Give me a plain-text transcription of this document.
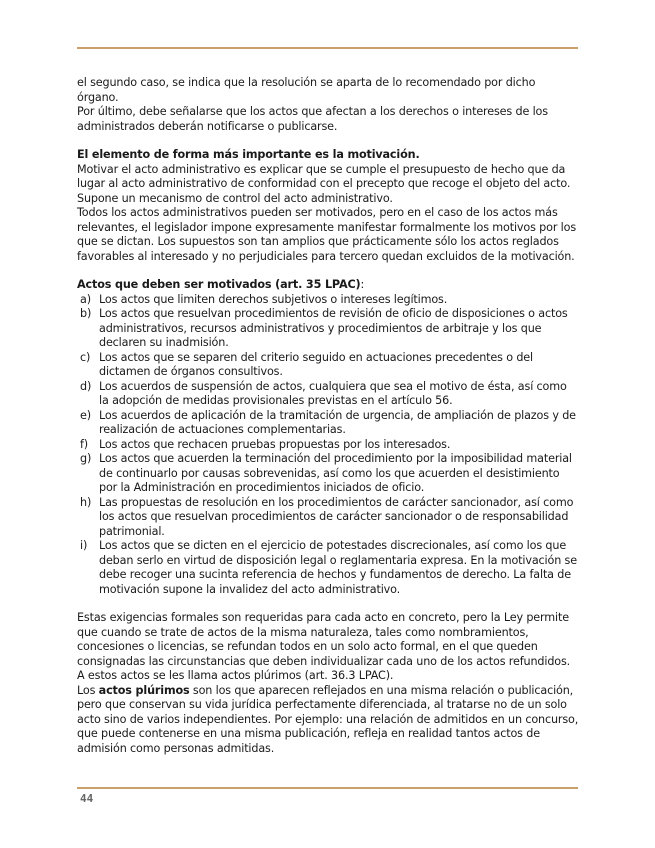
el segundo caso, se indica que la resolución se aparta de lo recomendado por dicho órgano.

Por último, debe señalarse que los actos que afectan a los derechos o intereses de los administrados deberán notificarse o publicarse.

El elemento de forma más importante es la motivación.

Motivar el acto administrativo es explicar que se cumple el presupuesto de hecho que da lugar al acto administrativo de conformidad con el precepto que recoge el objeto del acto. Supone un mecanismo de control del acto administrativo.

Todos los actos administrativos pueden ser motivados, pero en el caso de los actos más relevantes, el legislador impone expresamente manifestar formalmente los motivos por los que se dictan. Los supuestos son tan amplios que prácticamente sólo los actos reglados favorables al interesado y no perjudiciales para tercero quedan excluidos de la motivación.

Actos que deben ser motivados (art. 35 LPAC):

a) Los actos que limiten derechos subjetivos o intereses legítimos.
b) Los actos que resuelvan procedimientos de revisión de oficio de disposiciones o actos administrativos, recursos administrativos y procedimientos de arbitraje y los que declaren su inadmisión.
c) Los actos que se separen del criterio seguido en actuaciones precedentes o del dictamen de órganos consultivos.
d) Los acuerdos de suspensión de actos, cualquiera que sea el motivo de ésta, así como la adopción de medidas provisionales previstas en el artículo 56.
e) Los acuerdos de aplicación de la tramitación de urgencia, de ampliación de plazos y de realización de actuaciones complementarias.
f) Los actos que rechacen pruebas propuestas por los interesados.
g) Los actos que acuerden la terminación del procedimiento por la imposibilidad material de continuarlo por causas sobrevenidas, así como los que acuerden el desistimiento por la Administración en procedimientos iniciados de oficio.
h) Las propuestas de resolución en los procedimientos de carácter sancionador, así como los actos que resuelvan procedimientos de carácter sancionador o de responsabilidad patrimonial.
i) Los actos que se dicten en el ejercicio de potestades discrecionales, así como los que deban serlo en virtud de disposición legal o reglamentaria expresa. En la motivación se debe recoger una sucinta referencia de hechos y fundamentos de derecho. La falta de motivación supone la invalidez del acto administrativo.

Estas exigencias formales son requeridas para cada acto en concreto, pero la Ley permite que cuando se trate de actos de la misma naturaleza, tales como nombramientos, concesiones o licencias, se refundan todos en un solo acto formal, en el que queden consignadas las circunstancias que deben individualizar cada uno de los actos refundidos. A estos actos se les llama actos plúrimos (art. 36.3 LPAC).

Los actos plúrimos son los que aparecen reflejados en una misma relación o publicación, pero que conservan su vida jurídica perfectamente diferenciada, al tratarse no de un solo acto sino de varios independientes. Por ejemplo: una relación de admitidos en un concurso, que puede contenerse en una misma publicación, refleja en realidad tantos actos de admisión como personas admitidas.

44
